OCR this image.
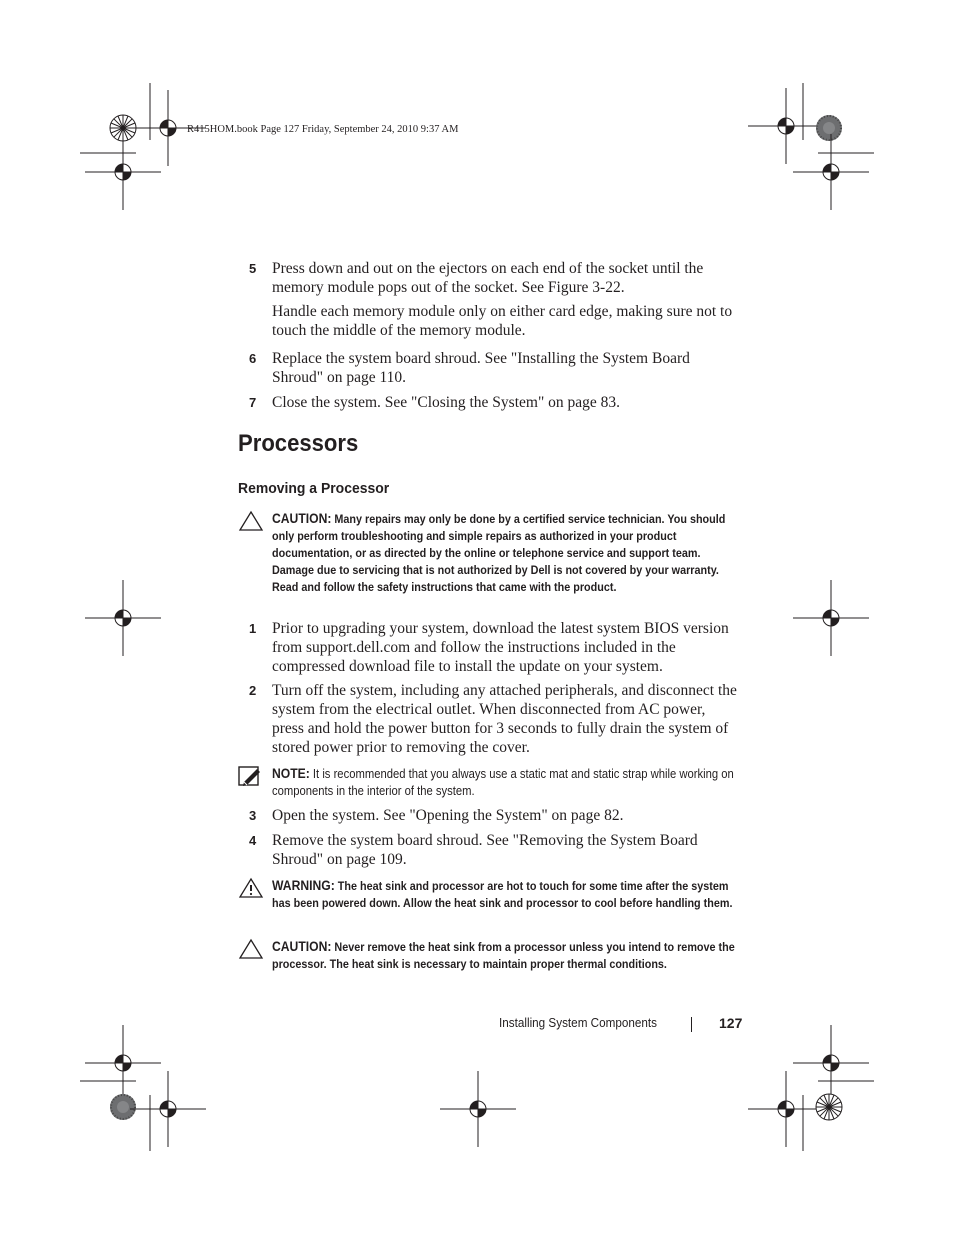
R415HOM.book Page 127 Friday, September 24, 2010 9:37 AM
5 Press down and out on the ejectors on each end of the socket until the memory module pops out of the socket. See Figure 3-22.
Handle each memory module only on either card edge, making sure not to touch the middle of the memory module.
6 Replace the system board shroud. See "Installing the System Board Shroud" on page 110.
7 Close the system. See "Closing the System" on page 83.
Processors
Removing a Processor
CAUTION: Many repairs may only be done by a certified service technician. You should only perform troubleshooting and simple repairs as authorized in your product documentation, or as directed by the online or telephone service and support team. Damage due to servicing that is not authorized by Dell is not covered by your warranty. Read and follow the safety instructions that came with the product.
1 Prior to upgrading your system, download the latest system BIOS version from support.dell.com and follow the instructions included in the compressed download file to install the update on your system.
2 Turn off the system, including any attached peripherals, and disconnect the system from the electrical outlet. When disconnected from AC power, press and hold the power button for 3 seconds to fully drain the system of stored power prior to removing the cover.
NOTE: It is recommended that you always use a static mat and static strap while working on components in the interior of the system.
3 Open the system. See "Opening the System" on page 82.
4 Remove the system board shroud. See "Removing the System Board Shroud" on page 109.
WARNING: The heat sink and processor are hot to touch for some time after the system has been powered down. Allow the heat sink and processor to cool before handling them.
CAUTION: Never remove the heat sink from a processor unless you intend to remove the processor. The heat sink is necessary to maintain proper thermal conditions.
Installing System Components	127
